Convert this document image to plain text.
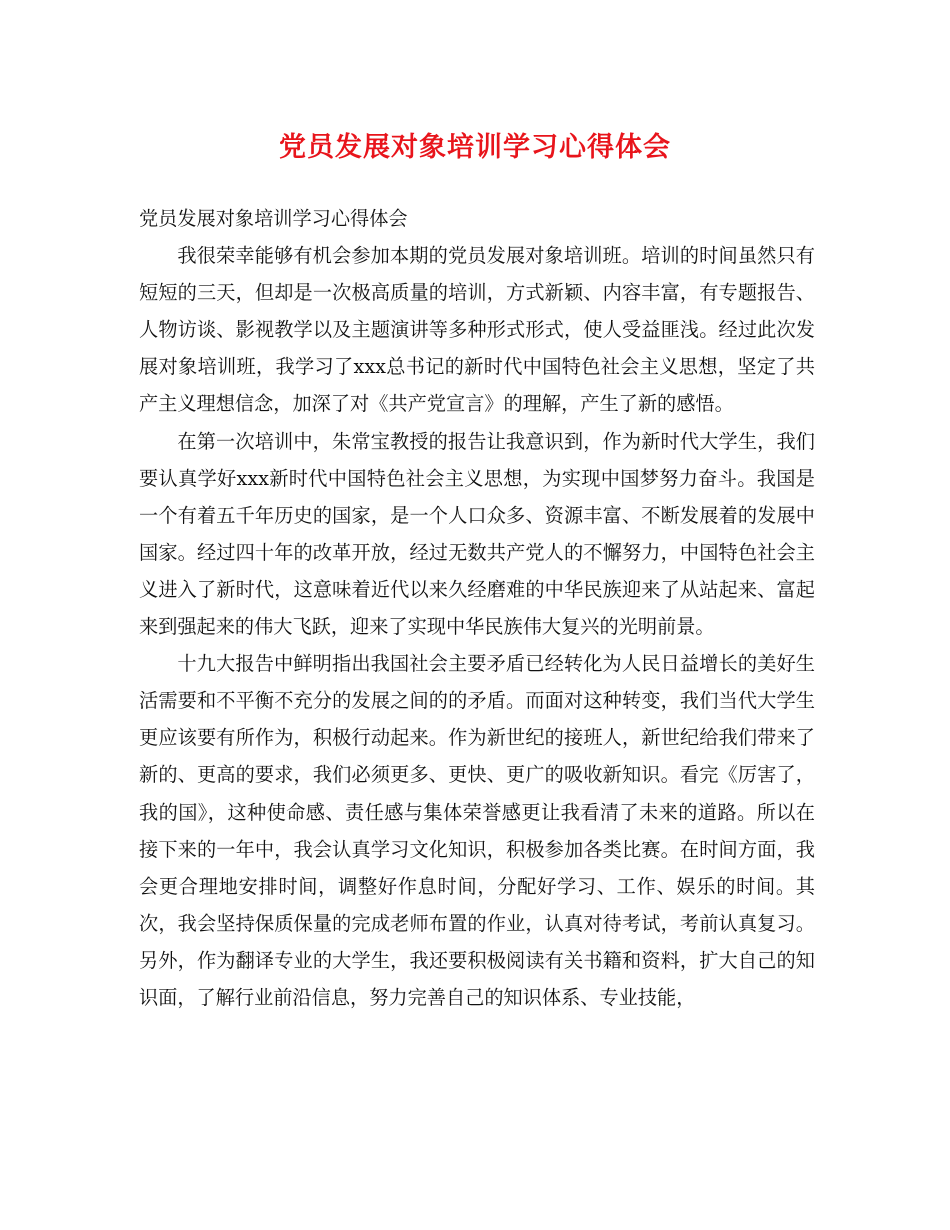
党员发展对象培训学习心得体会

党员发展对象培训学习心得体会

我很荣幸能够有机会参加本期的党员发展对象培训班。培训的时间虽然只有短短的三天，但却是一次极高质量的培训，方式新颖、内容丰富，有专题报告、人物访谈、影视教学以及主题演讲等多种形式形式，使人受益匪浅。经过此次发展对象培训班，我学习了xxx总书记的新时代中国特色社会主义思想，坚定了共产主义理想信念，加深了对《共产党宣言》的理解，产生了新的感悟。

在第一次培训中，朱常宝教授的报告让我意识到，作为新时代大学生，我们要认真学好xxx新时代中国特色社会主义思想，为实现中国梦努力奋斗。我国是一个有着五千年历史的国家，是一个人口众多、资源丰富、不断发展着的发展中国家。经过四十年的改革开放，经过无数共产党人的不懈努力，中国特色社会主义进入了新时代，这意味着近代以来久经磨难的中华民族迎来了从站起来、富起来到强起来的伟大飞跃，迎来了实现中华民族伟大复兴的光明前景。

十九大报告中鲜明指出我国社会主要矛盾已经转化为人民日益增长的美好生活需要和不平衡不充分的发展之间的的矛盾。而面对这种转变，我们当代大学生更应该要有所作为，积极行动起来。作为新世纪的接班人，新世纪给我们带来了新的、更高的要求，我们必须更多、更快、更广的吸收新知识。看完《厉害了，我的国》，这种使命感、责任感与集体荣誉感更让我看清了未来的道路。所以在接下来的一年中，我会认真学习文化知识，积极参加各类比赛。在时间方面，我会更合理地安排时间，调整好作息时间，分配好学习、工作、娱乐的时间。其次，我会坚持保质保量的完成老师布置的作业，认真对待考试，考前认真复习。另外，作为翻译专业的大学生，我还要积极阅读有关书籍和资料，扩大自己的知识面，了解行业前沿信息，努力完善自己的知识体系、专业技能，
